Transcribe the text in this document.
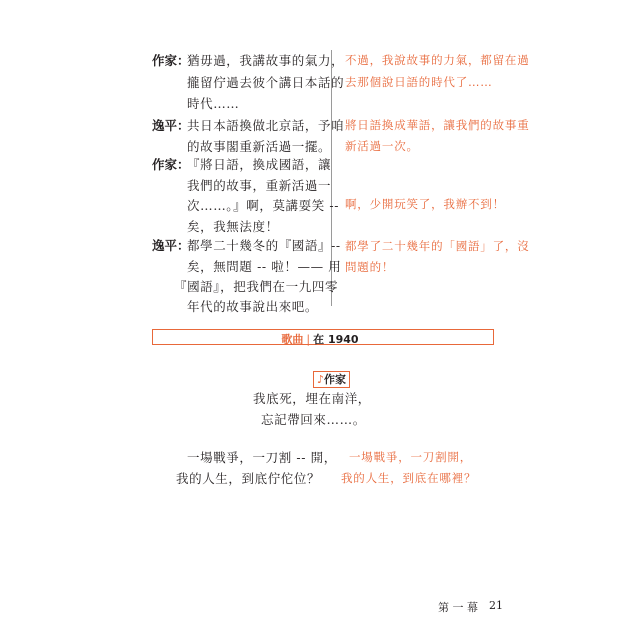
作家 ：
猶毋過，我講故事的氣力，
攏留佇過去彼个講日本話的
時代……
不過，我說故事的力氣，都留在過
去那個說日語的時代了……
逸平 ：
共日本語換做北京話，予咱
的故事閣重新活過一擺。
將日語換成華語，讓我們的故事重
新活過一次。
作家 ：
『將日語，換成國語，讓
我們的故事，重新活過一
次……。』啊，莫講耍笑 --
矣，我無法度！
啊，少開玩笑了，我辦不到！
逸平 ：
都學二十幾冬的『國語』--
矣，無問題 -- 啦！—— 用
『國語』，把我們在一九四零
年代的故事說出來吧。
都學了二十幾年的「國語」了，沒
問題的！
歌曲 | 在 1940
♪作家
我底死，埋在南洋，
忘記帶回來……。
一場戰爭，一刀割 -- 開，
我的人生，到底佇佗位？
一場戰爭，一刀割開，
我的人生，到底在哪裡？
第 一 幕 21
